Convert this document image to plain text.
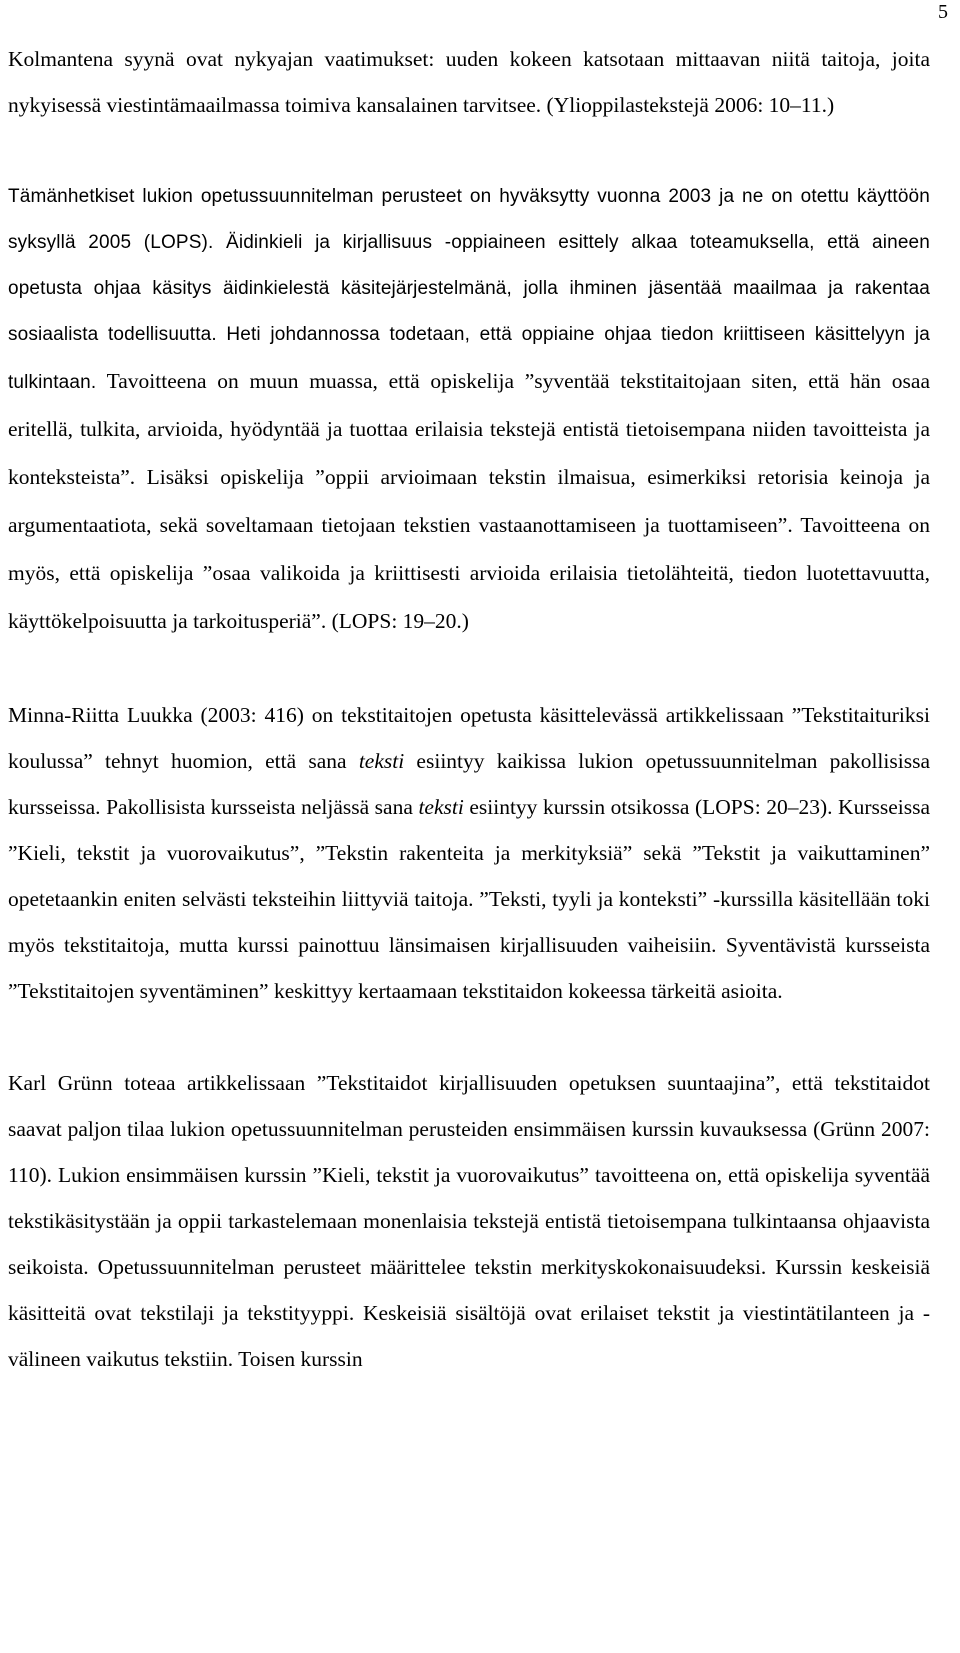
5

Kolmantena syynä ovat nykyajan vaatimukset: uuden kokeen katsotaan mittaavan niitä taitoja, joita nykyisessä viestintämaailmassa toimiva kansalainen tarvitsee. (Ylioppilastekstejä 2006: 10–11.)

Tämänhetkiset lukion opetussuunnitelman perusteet on hyväksytty vuonna 2003 ja ne on otettu käyttöön syksyllä 2005 (LOPS). Äidinkieli ja kirjallisuus -oppiaineen esittely alkaa toteamuksella, että aineen opetusta ohjaa käsitys äidinkielestä käsitejärjestelmänä, jolla ihminen jäsentää maailmaa ja rakentaa sosiaalista todellisuutta. Heti johdannossa todetaan, että oppiaine ohjaa tiedon kriittiseen käsittelyyn ja tulkintaan. Tavoitteena on muun muassa, että opiskelija ”syventää tekstitaitojaan siten, että hän osaa eritellä, tulkita, arvioida, hyödyntää ja tuottaa erilaisia tekstejä entistä tietoisempana niiden tavoitteista ja konteksteista”. Lisäksi opiskelija ”oppii arvioimaan tekstin ilmaisua, esimerkiksi retorisia keinoja ja argumentaatiota, sekä soveltamaan tietojaan tekstien vastaanottamiseen ja tuottamiseen”. Tavoitteena on myös, että opiskelija ”osaa valikoida ja kriittisesti arvioida erilaisia tietolähteitä, tiedon luotettavuutta, käyttökelpoisuutta ja tarkoitusperiä”. (LOPS: 19–20.)

Minna-Riitta Luukka (2003: 416) on tekstitaitojen opetusta käsittelevässä artikkelissaan ”Tekstitaituriksi koulussa” tehnyt huomion, että sana teksti esiintyy kaikissa lukion opetussuunnitelman pakollisissa kursseissa. Pakollisista kursseista neljässä sana teksti esiintyy kurssin otsikossa (LOPS: 20–23). Kursseissa ”Kieli, tekstit ja vuorovaikutus”, ”Tekstin rakenteita ja merkityksiä” sekä ”Tekstit ja vaikuttaminen” opetetaankin eniten selvästi teksteihin liittyviä taitoja. ”Teksti, tyyli ja konteksti” -kurssilla käsitellään toki myös tekstitaitoja, mutta kurssi painottuu länsimaisen kirjallisuuden vaiheisiin. Syventävistä kursseista ”Tekstitaitojen syventäminen” keskittyy kertaamaan tekstitaidon kokeessa tärkeitä asioita.

Karl Grünn toteaa artikkelissaan ”Tekstitaidot kirjallisuuden opetuksen suuntaajina”, että tekstitaidot saavat paljon tilaa lukion opetussuunnitelman perusteiden ensimmäisen kurssin kuvauksessa (Grünn 2007: 110). Lukion ensimmäisen kurssin ”Kieli, tekstit ja vuorovaikutus” tavoitteena on, että opiskelija syventää tekstikäsitystään ja oppii tarkastelemaan monenlaisia tekstejä entistä tietoisempana tulkintaansa ohjaavista seikoista. Opetussuunnitelman perusteet määrittelee tekstin merkityskokonaisuudeksi. Kurssin keskeisiä käsitteitä ovat tekstilaji ja tekstityyppi. Keskeisiä sisältöjä ovat erilaiset tekstit ja viestintätilanteen ja -välineen vaikutus tekstiin. Toisen kurssin
